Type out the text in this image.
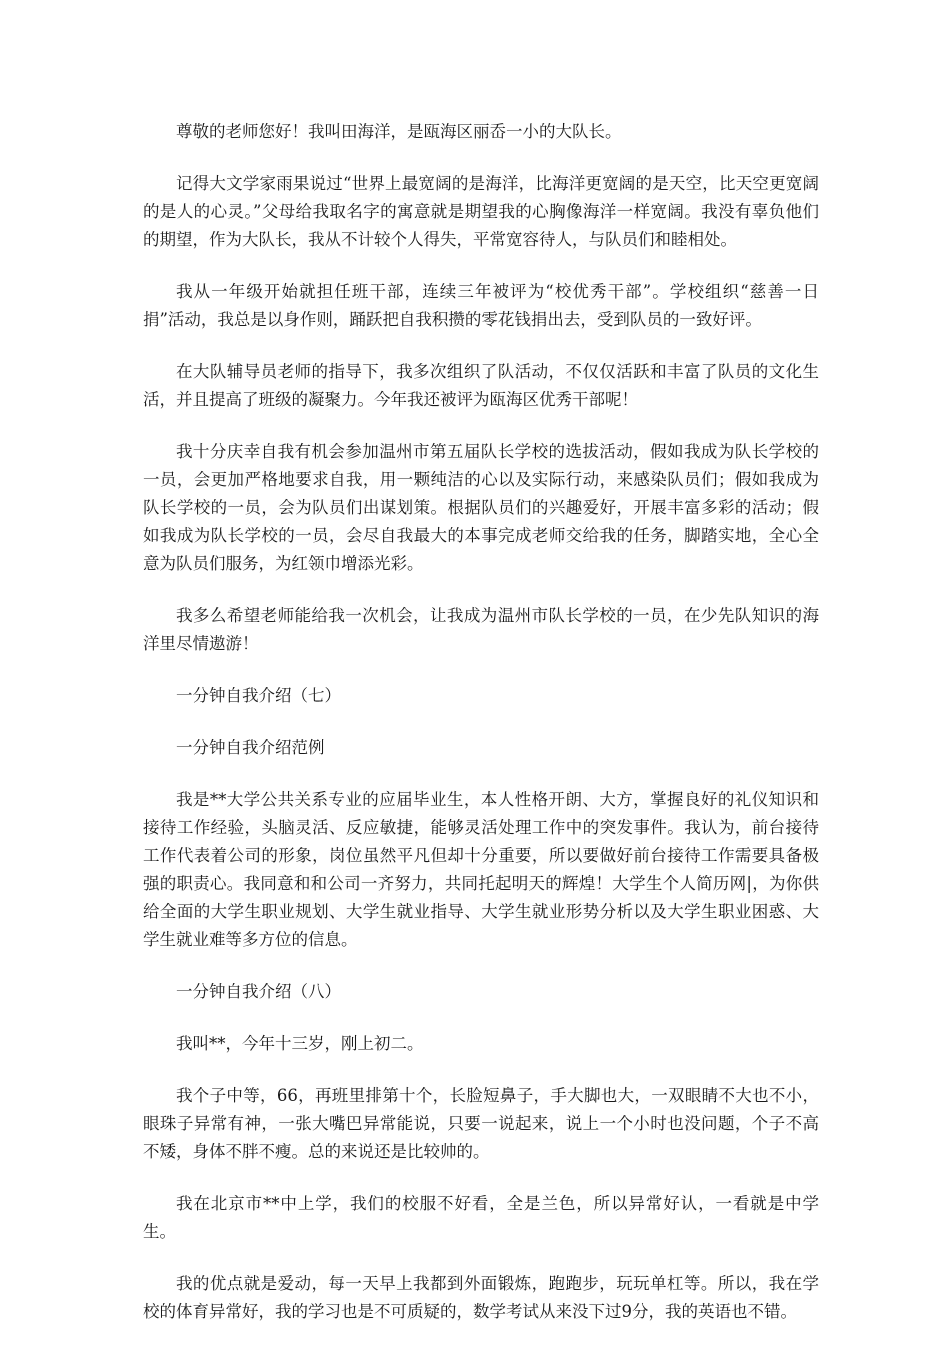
尊敬的老师您好！我叫田海洋，是瓯海区丽岙一小的大队长。

记得大文学家雨果说过“世界上最宽阔的是海洋，比海洋更宽阔的是天空，比天空更宽阔的是人的心灵。”父母给我取名字的寓意就是期望我的心胸像海洋一样宽阔。我没有辜负他们的期望，作为大队长，我从不计较个人得失，平常宽容待人，与队员们和睦相处。

我从一年级开始就担任班干部，连续三年被评为“校优秀干部”。学校组织“慈善一日捐”活动，我总是以身作则，踊跃把自我积攒的零花钱捐出去，受到队员的一致好评。

在大队辅导员老师的指导下，我多次组织了队活动，不仅仅活跃和丰富了队员的文化生活，并且提高了班级的凝聚力。今年我还被评为瓯海区优秀干部呢！

我十分庆幸自我有机会参加温州市第五届队长学校的选拔活动，假如我成为队长学校的一员，会更加严格地要求自我，用一颗纯洁的心以及实际行动，来感染队员们；假如我成为队长学校的一员，会为队员们出谋划策。根据队员们的兴趣爱好，开展丰富多彩的活动；假如我成为队长学校的一员，会尽自我最大的本事完成老师交给我的任务，脚踏实地，全心全意为队员们服务，为红领巾增添光彩。

我多么希望老师能给我一次机会，让我成为温州市队长学校的一员，在少先队知识的海洋里尽情遨游！

一分钟自我介绍（七）

一分钟自我介绍范例

我是**大学公共关系专业的应届毕业生，本人性格开朗、大方，掌握良好的礼仪知识和接待工作经验，头脑灵活、反应敏捷，能够灵活处理工作中的突发事件。我认为，前台接待工作代表着公司的形象，岗位虽然平凡但却十分重要，所以要做好前台接待工作需要具备极强的职责心。我同意和和公司一齐努力，共同托起明天的辉煌！大学生个人简历网|，为你供给全面的大学生职业规划、大学生就业指导、大学生就业形势分析以及大学生职业困惑、大学生就业难等多方位的信息。

一分钟自我介绍（八）

我叫**，今年十三岁，刚上初二。

我个子中等，66，再班里排第十个，长脸短鼻子，手大脚也大，一双眼睛不大也不小，眼珠子异常有神，一张大嘴巴异常能说，只要一说起来，说上一个小时也没问题，个子不高不矮，身体不胖不瘦。总的来说还是比较帅的。

我在北京市**中上学，我们的校服不好看，全是兰色，所以异常好认，一看就是中学生。

我的优点就是爱动，每一天早上我都到外面锻炼，跑跑步，玩玩单杠等。所以，我在学校的体育异常好，我的学习也是不可质疑的，数学考试从来没下过9分，我的英语也不错。
